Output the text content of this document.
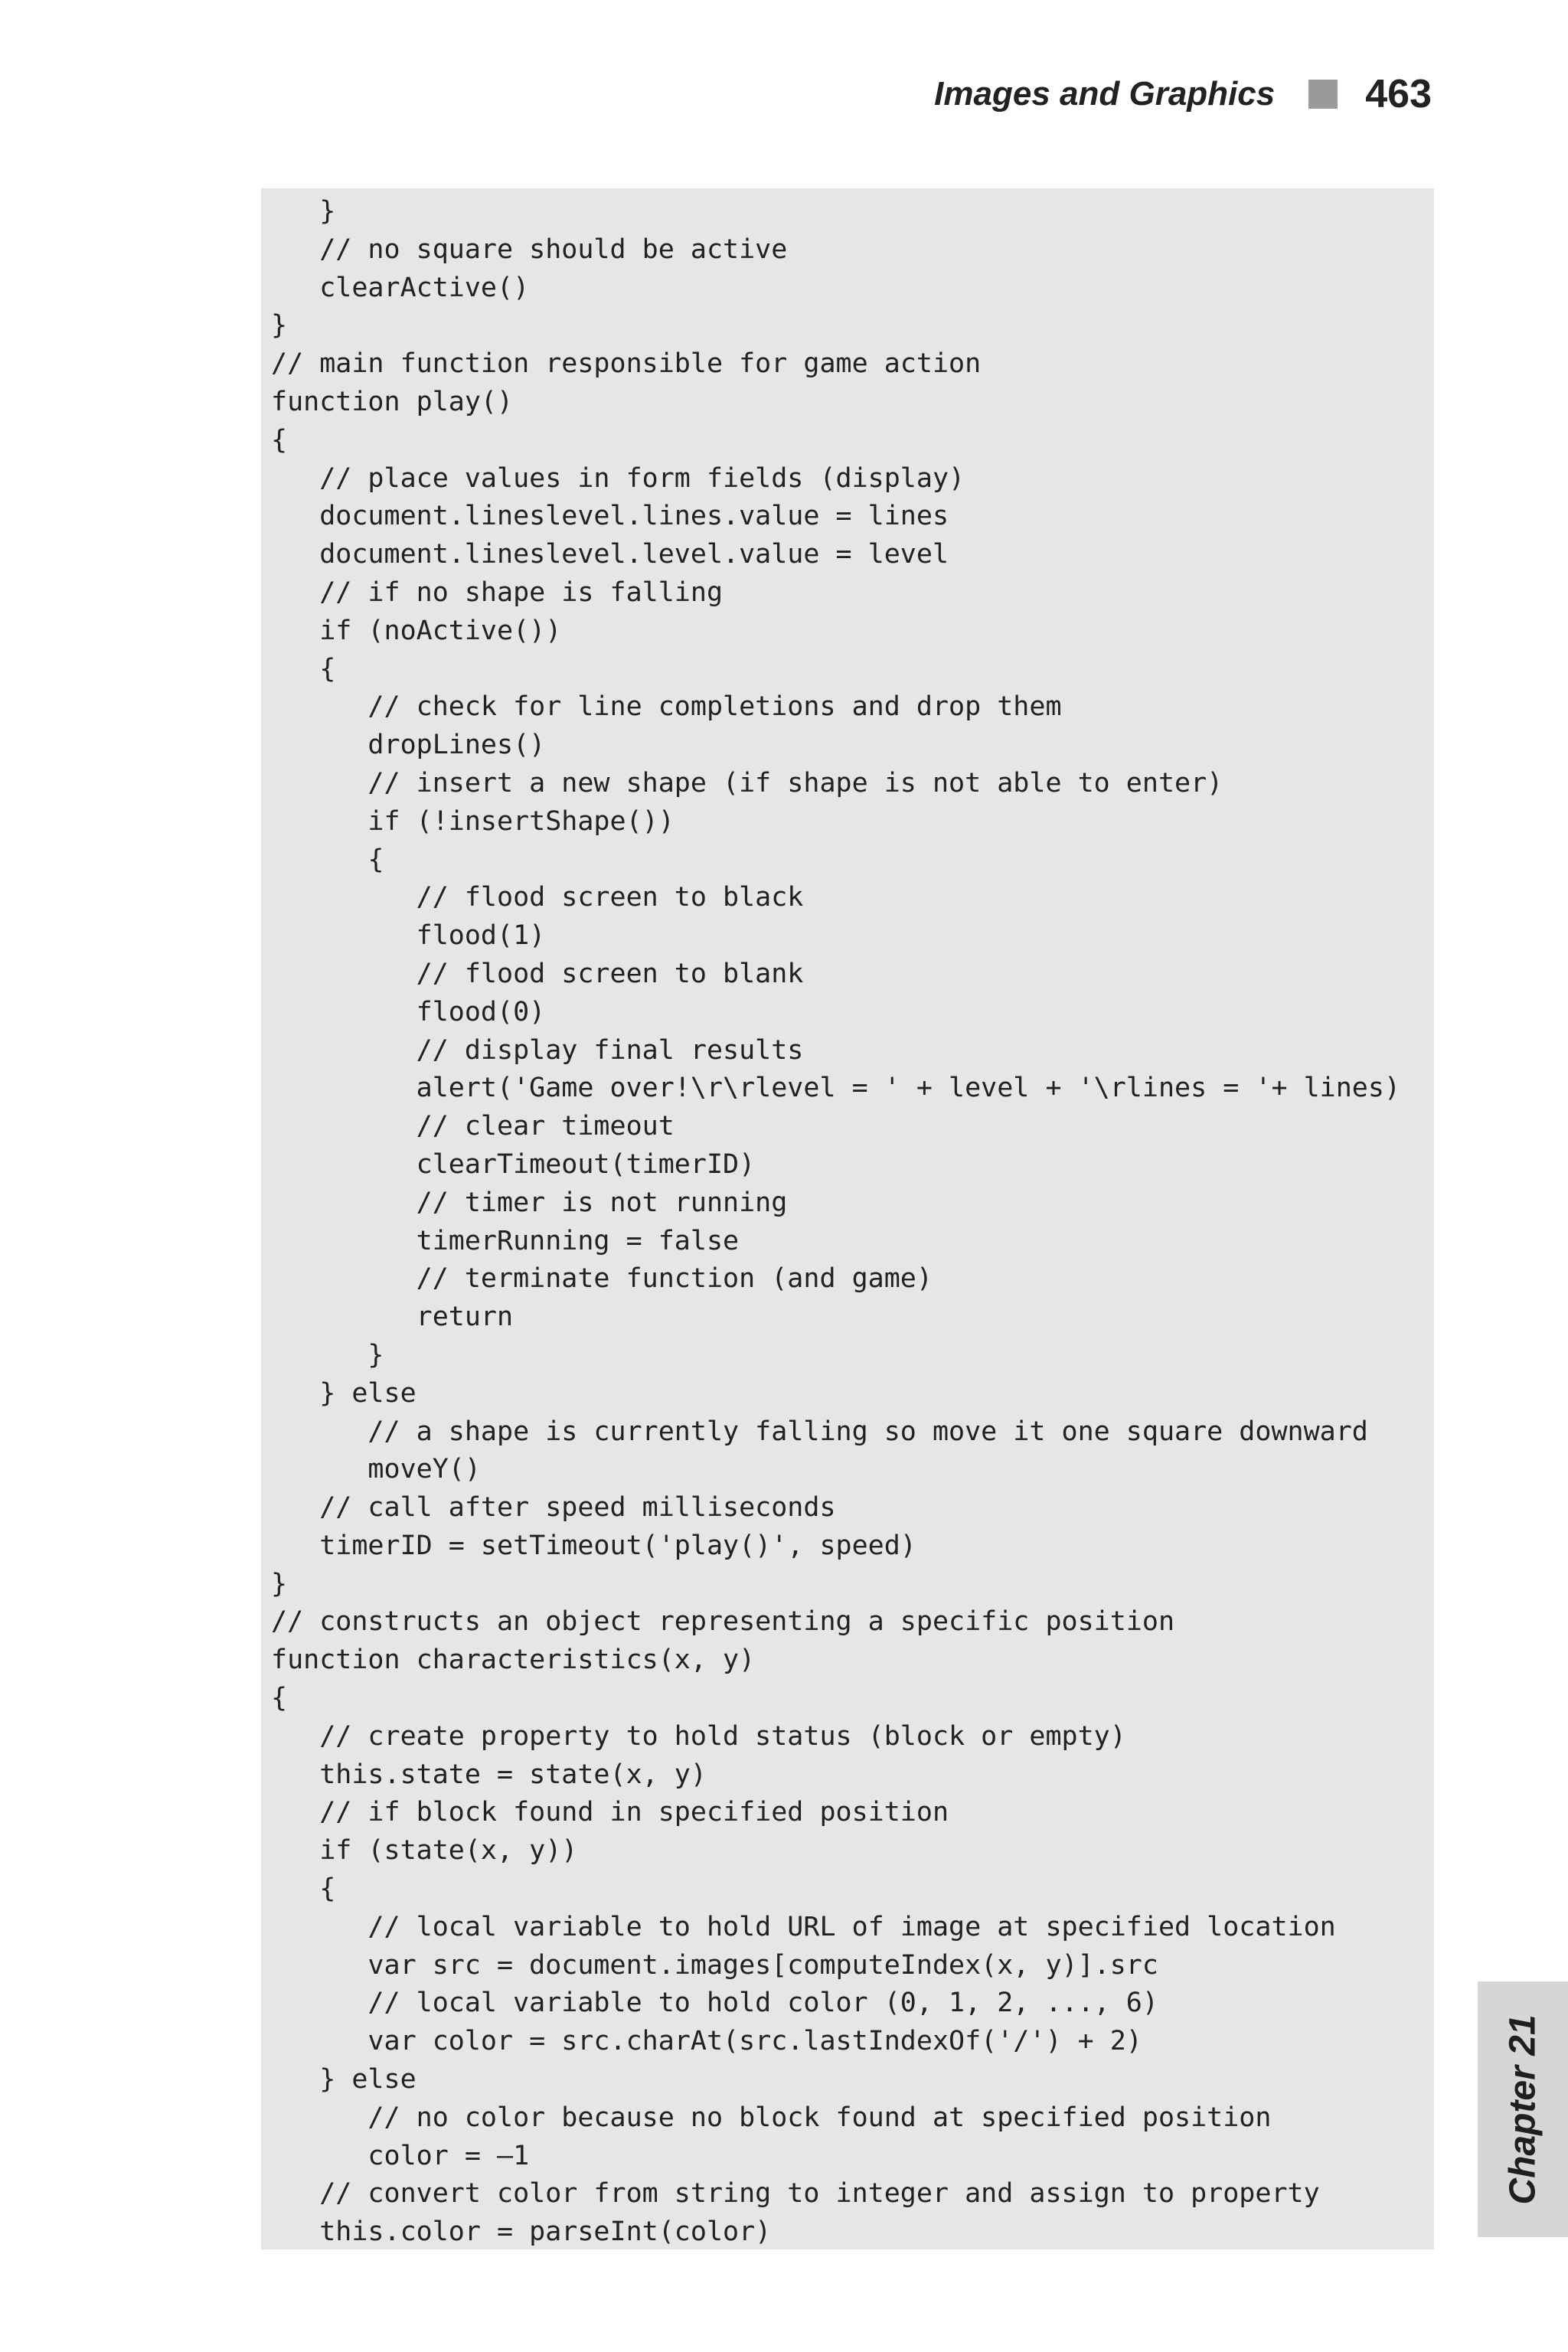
Images and Graphics 463
}
// no square should be active
clearActive()
}
// main function responsible for game action
function play()
{
// place values in form fields (display)
document.lineslevel.lines.value = lines
document.lineslevel.level.value = level
// if no shape is falling
if (noActive())
{
// check for line completions and drop them
dropLines()
// insert a new shape (if shape is not able to enter)
if (!insertShape())
{
// flood screen to black
flood(1)
// flood screen to blank
flood(0)
// display final results
alert('Game over!\r\rlevel = ' + level + '\rlines = '+ lines)
// clear timeout
clearTimeout(timerID)
// timer is not running
timerRunning = false
// terminate function (and game)
return
}
} else
// a shape is currently falling so move it one square downward
moveY()
// call after speed milliseconds
timerID = setTimeout('play()', speed)
}
// constructs an object representing a specific position
function characteristics(x, y)
{
// create property to hold status (block or empty)
this.state = state(x, y)
// if block found in specified position
if (state(x, y))
{
// local variable to hold URL of image at specified location
var src = document.images[computeIndex(x, y)].src
// local variable to hold color (0, 1, 2, ..., 6)
var color = src.charAt(src.lastIndexOf('/') + 2)
} else
// no color because no block found at specified position
color = –1
// convert color from string to integer and assign to property
this.color = parseInt(color)
Chapter 21
